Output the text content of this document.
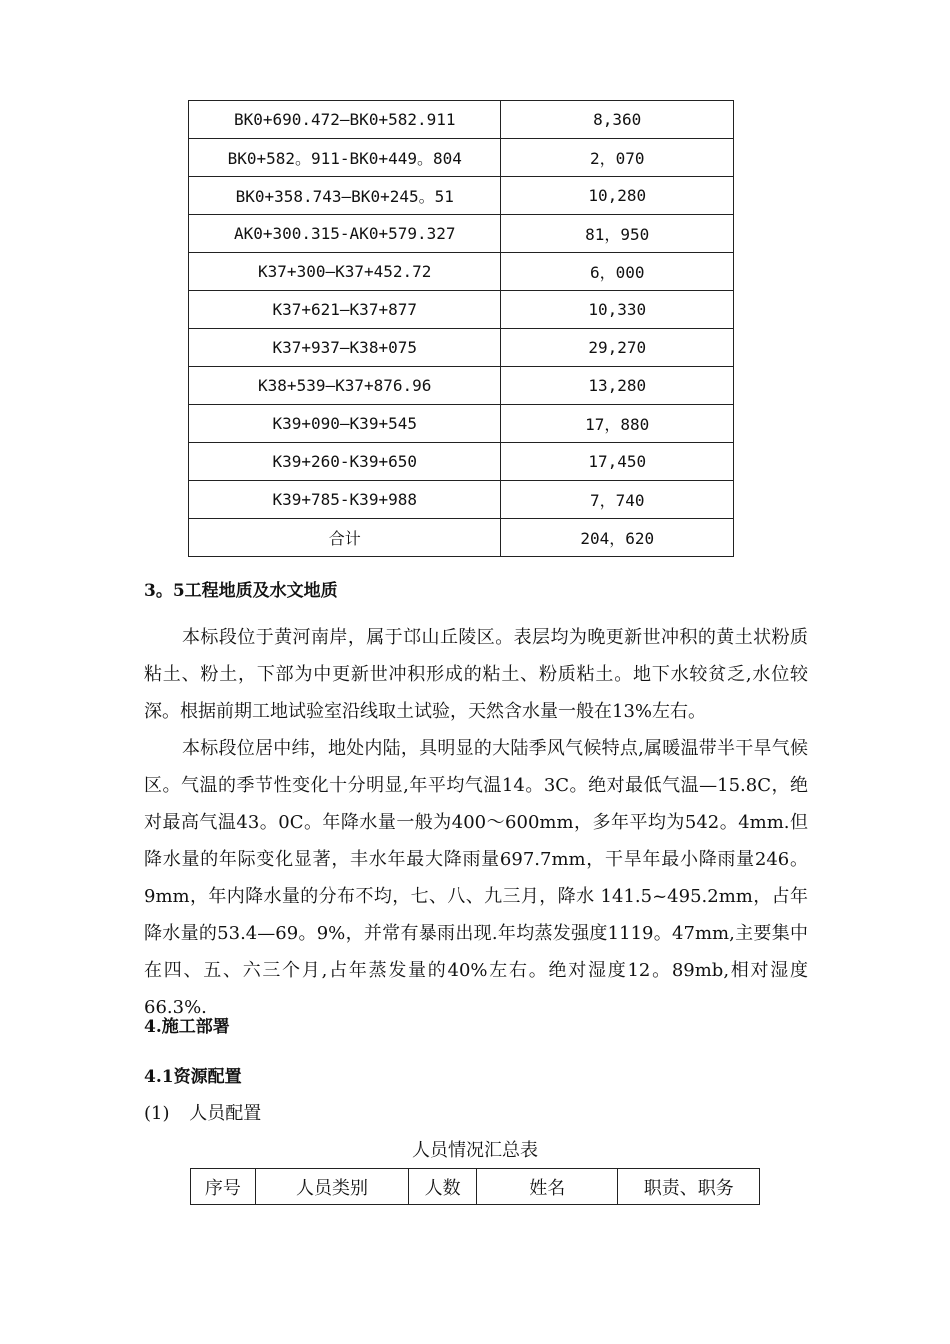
BK0+690.472—BK0+582.911	8,360
BK0+582。911-BK0+449。804	2，070
BK0+358.743—BK0+245。51	10,280
AK0+300.315-AK0+579.327	81，950
K37+300—K37+452.72	6，000
K37+621—K37+877	10,330
K37+937—K38+075	29,270
K38+539—K37+876.96	13,280
K39+090—K39+545	17，880
K39+260-K39+650	17,450
K39+785-K39+988	7，740
合计	204，620
3。5工程地质及水文地质

本标段位于黄河南岸，属于邙山丘陵区。表层均为晚更新世冲积的黄土状粉质粘土、粉土，下部为中更新世冲积形成的粘土、粉质粘土。地下水较贫乏,水位较深。根据前期工地试验室沿线取土试验，天然含水量一般在13%左右。

本标段位居中纬，地处内陆，具明显的大陆季风气候特点,属暖温带半干旱气候区。气温的季节性变化十分明显,年平均气温14。3C。绝对最低气温—15.8C，绝对最高气温43。0C。年降水量一般为400～600mm，多年平均为542。4mm.但降水量的年际变化显著，丰水年最大降雨量697.7mm，干旱年最小降雨量246。9mm，年内降水量的分布不均，七、八、九三月，降水 141.5~495.2mm，占年降水量的53.4—69。9%，并常有暴雨出现.年均蒸发强度1119。47mm,主要集中在四、五、六三个月,占年蒸发量的40%左右。绝对湿度12。89mb,相对湿度66.3%.

4.施工部署
4.1资源配置
(1) 人员配置
人员情况汇总表
序号	人员类别	人数	姓名	职责、职务
